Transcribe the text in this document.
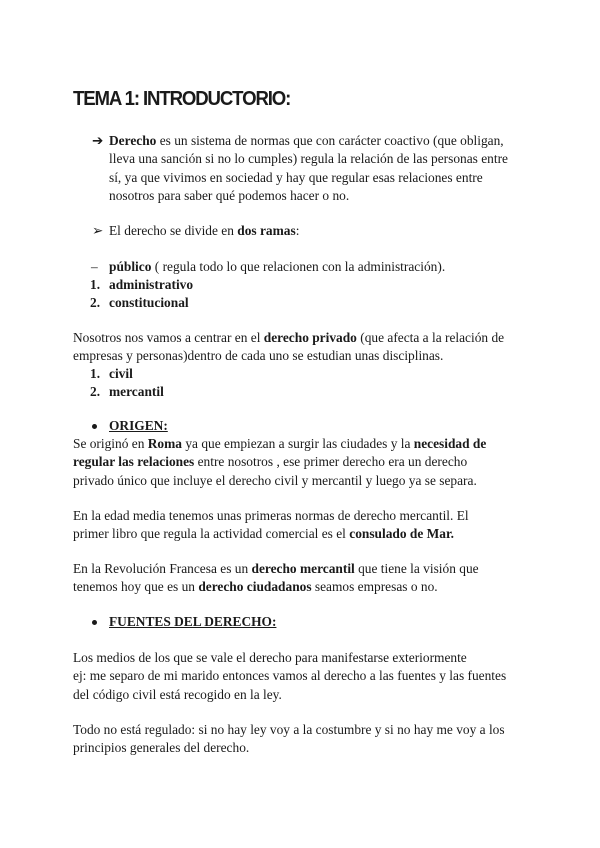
TEMA 1: INTRODUCTORIO:
➔ Derecho es un sistema de normas que con carácter coactivo (que obligan,
lleva una sanción si no lo cumples) regula la relación de las personas entre
sí, ya que vivimos en sociedad y hay que regular esas relaciones entre
nosotros para saber qué podemos hacer o no.
➢ El derecho se divide en dos ramas:
– público ( regula todo lo que relacionen con la administración).
1. administrativo
2. constitucional
Nosotros nos vamos a centrar en el derecho privado (que afecta a la relación de
empresas y personas)dentro de cada uno se estudian unas disciplinas.
1. civil
2. mercantil
ORIGEN:
Se originó en Roma ya que empiezan a surgir las ciudades y la necesidad de
regular las relaciones entre nosotros , ese primer derecho era un derecho
privado único que incluye el derecho civil y mercantil y luego ya se separa.
En la edad media tenemos unas primeras normas de derecho mercantil. El
primer libro que regula la actividad comercial es el consulado de Mar.
En la Revolución Francesa es un derecho mercantil que tiene la visión que
tenemos hoy que es un derecho ciudadanos seamos empresas o no.
FUENTES DEL DERECHO:
Los medios de los que se vale el derecho para manifestarse exteriormente
ej: me separo de mi marido entonces vamos al derecho a las fuentes y las fuentes
del código civil está recogido en la ley.
Todo no está regulado: si no hay ley voy a la costumbre y si no hay me voy a los
principios generales del derecho.
